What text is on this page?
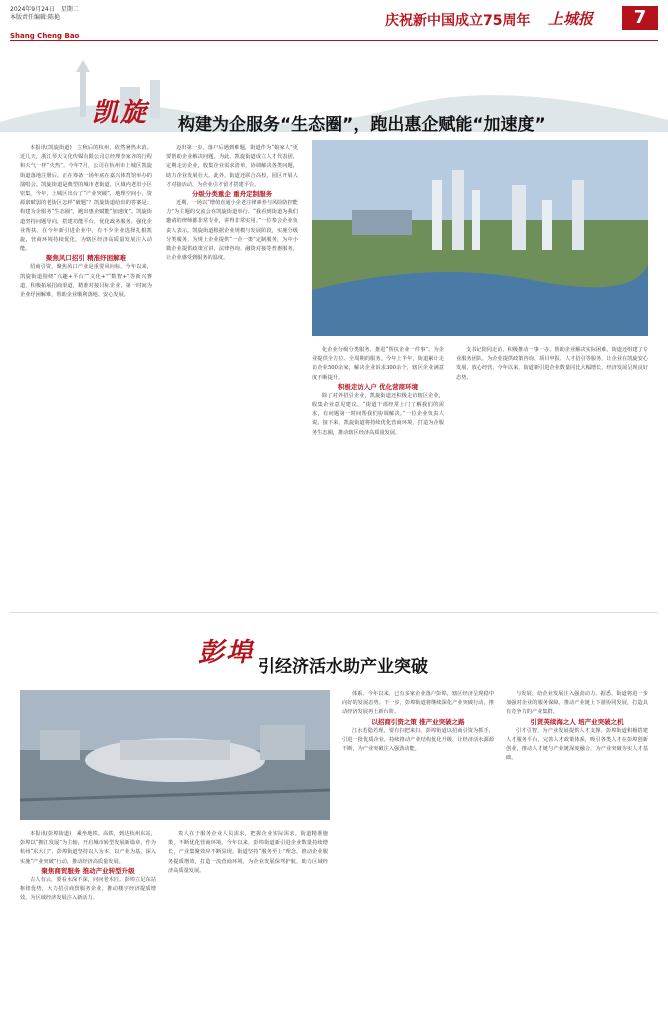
2024年9月24日　星期二
本版责任编辑:陈艳
Shang Cheng Bao
庆祝新中国成立75周年 上城报	7
凯旋 构建为企服务“生态圈”，跑出惠企赋能“加速度”

本报讯(凯旋街道)　立秋后的杭州，依然暑热未消。近几天，浙江琴天文化传媒有限公司总经理李家齐的行程和天气一样“火热”。今年7月，公司在杭州市上城区凯旋街道落地注册后，正在筹备一场年底在嘉兴体育馆举办的演唱会。凯旋街道是典型的城市老街道，区域内老旧小区密集。今年，上城区出台了“产业突破”，地理空间小、资源禀赋弱的老街区怎样“破题”？凯旋街道给出的答案是：构建为企服务“生态圈”，跑出惠企赋能“加速度”。凯旋街道坚持问题导向，搭建功能平台，优化政务服务，强化企业帮扶，在今年新引进企业中，有不少企业选择扎根凯旋，营商环境持续优化，为辖区经济高质量发展注入动能。

聚焦风口招引 精准纾困解难

招商引资，聚焦风口产业是重要风向标。今年以来，凯旋街道围绕“兴趣+平台”“文化+”“数智+”等新兴赛道，积极拓展招商渠道，精准对接目标企业，第一时间为企业纾困解难，帮助企业顺利落地、安心发展。

迈出第一步。落户后遇到难题，街道作为“娘家人”更要帮助企业解决问题。为此，凯旋街道成立人才代表团，定期走访企业，收集企业需求清单，协调解决各类问题，助力企业发展壮大。此外，街道还联合高校、园区开展人才对接活动，为企业引才留才搭建平台。

分级分类重企 重舟定制服务

近期，一场以“增值直通小企老注律素养与风险防控能力”为主题的交流会在凯旋街道举行。“我看到街道为我们邀请的律师都非常专业，讲得非常实用。”一位参会企业负责人表示。凯旋街道根据企业规模与发展阶段，实施分级分类服务，为规上企业提供“一企一策”定制服务，为中小微企业提供政策宣讲、法律咨询、融资对接等普惠服务，让企业感受到服务的温度。

化企业分级分类服务，推进“帮扶企业一件事”，为企业提供全方位、全周期的服务。今年上半年，街道累计走访企业500余家，解决企业诉求300余个，辖区企业满意度不断提升。

积极走访入户 优化营商环境

除了对外招引企业，凯旋街道还积极走访辖区企业，收集企业意见建议。“街道干部经常上门了解我们的需求，有问题第一时间帮我们协调解决。”一位企业负责人说。接下来，凯旋街道将持续优化营商环境，打造为企服务生态圈，推动辖区经济高质量发展。

支书记陪同走访，积极推动一事一办，帮助企业解决实际困难。街道还组建了专业服务团队，为企业提供政策咨询、项目申报、人才招引等服务，让企业在凯旋安心发展、放心经营。今年以来，街道新引进企业数量同比大幅增长，经济发展呈现良好态势。

彭埠 引经济活水助产业突破

本报讯(彭埠街道)　乘坐地铁、高铁，到达杭州东站，彭埠以“拥江发展”为主轴，开启城市转型发展新篇章。作为杭州“东大门”，彭埠街道坚持以人为本、以产业为基，深入实施“产业突破”行动，推动经济高质量发展。

聚焦商贸服务 推动产业转型升级

古人有云，要看水深不深，问问老木匠。彭埠立足东站枢纽优势，大力招引商贸服务企业，推动楼宇经济提质增效，为区域经济发展注入新活力。

贵人在于服务企业人员需求，把握企业实际需求，街道精准施策，不断优化营商环境。今年以来，彭埠街道新引进企业数量持续增长，产业集聚效应不断显现。街道坚持“服务至上”理念，推动企业服务提质增效，打造一流营商环境，为企业发展保驾护航，助力区域经济高质量发展。

体系。今年以来，已有多家企业落户彭埠，辖区经济呈现稳中向好的发展态势。下一步，彭埠街道将继续深化产业突破行动，推动经济发展再上新台阶。

以招商引资之策 推产业突破之路

江水若隐若现，要有扫把来扫。彭埠街道以招商引资为抓手，引进一批优质企业，持续推动产业结构优化升级，让经济活水源源不断，为产业突破注入强劲动能。

与发展、给企业发展注入强劲动力。据悉，街道将进一步加强对企业的服务保障，推动产业链上下游协同发展，打造具有竞争力的产业集群。

引贤英续海之人 培产业突破之机

引才引智，为产业发展提供人才支撑。彭埠街道积极搭建人才服务平台，完善人才政策体系，吸引各类人才在彭埠创新创业，推动人才链与产业链深度融合，为产业突破夯实人才基础。
